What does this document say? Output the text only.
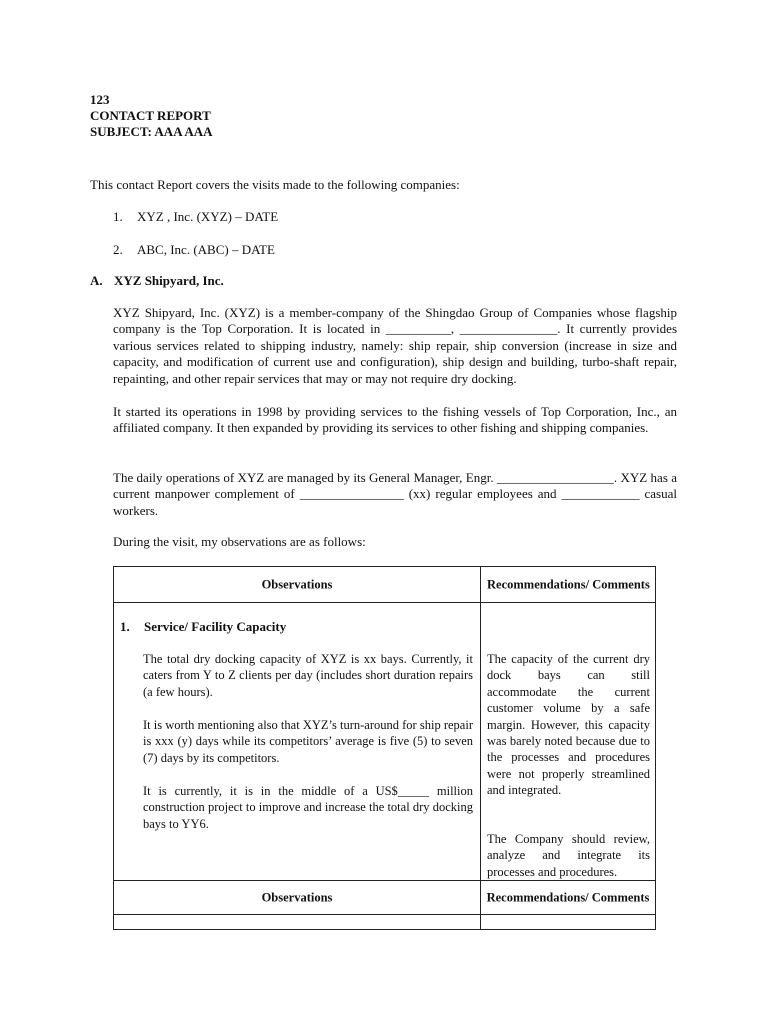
123
CONTACT REPORT
SUBJECT: AAA AAA
This contact Report covers the visits made to the following companies:
1. XYZ , Inc. (XYZ) – DATE
2. ABC, Inc. (ABC) – DATE
A. XYZ Shipyard, Inc.
XYZ Shipyard, Inc. (XYZ) is a member-company of the Shingdao Group of Companies whose flagship company is the Top Corporation. It is located in __________, _______________. It currently provides various services related to shipping industry, namely: ship repair, ship conversion (increase in size and capacity, and modification of current use and configuration), ship design and building, turbo-shaft repair, repainting, and other repair services that may or may not require dry docking.
It started its operations in 1998 by providing services to the fishing vessels of Top Corporation, Inc., an affiliated company. It then expanded by providing its services to other fishing and shipping companies.
The daily operations of XYZ are managed by its General Manager, Engr. __________________. XYZ has a current manpower complement of ________________ (xx) regular employees and ____________ casual workers.
During the visit, my observations are as follows:
Observations	Recommendations/ Comments
1. Service/ Facility Capacity
The total dry docking capacity of XYZ is xx bays. Currently, it caters from Y to Z clients per day (includes short duration repairs (a few hours).
It is worth mentioning also that XYZ’s turn-around for ship repair is xxx (y) days while its competitors’ average is five (5) to seven (7) days by its competitors.
It is currently, it is in the middle of a US$_____ million construction project to improve and increase the total dry docking bays to YY6.
The capacity of the current dry dock bays can still accommodate the current customer volume by a safe margin. However, this capacity was barely noted because due to the processes and procedures were not properly streamlined and integrated.
The Company should review, analyze and integrate its processes and procedures.
Observations	Recommendations/ Comments
